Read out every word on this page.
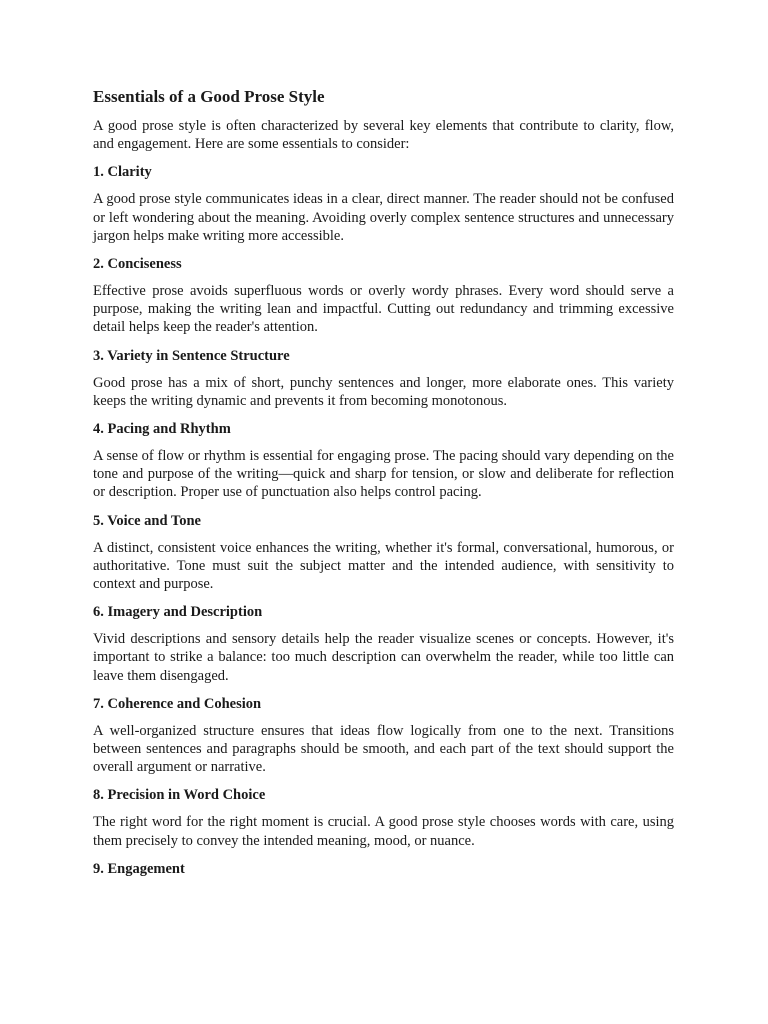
Essentials of a Good Prose Style

A good prose style is often characterized by several key elements that contribute to clarity, flow, and engagement. Here are some essentials to consider:

1. Clarity

A good prose style communicates ideas in a clear, direct manner. The reader should not be confused or left wondering about the meaning. Avoiding overly complex sentence structures and unnecessary jargon helps make writing more accessible.

2. Conciseness

Effective prose avoids superfluous words or overly wordy phrases. Every word should serve a purpose, making the writing lean and impactful. Cutting out redundancy and trimming excessive detail helps keep the reader's attention.

3. Variety in Sentence Structure

Good prose has a mix of short, punchy sentences and longer, more elaborate ones. This variety keeps the writing dynamic and prevents it from becoming monotonous.

4. Pacing and Rhythm

A sense of flow or rhythm is essential for engaging prose. The pacing should vary depending on the tone and purpose of the writing—quick and sharp for tension, or slow and deliberate for reflection or description. Proper use of punctuation also helps control pacing.

5. Voice and Tone

A distinct, consistent voice enhances the writing, whether it's formal, conversational, humorous, or authoritative. Tone must suit the subject matter and the intended audience, with sensitivity to context and purpose.

6. Imagery and Description

Vivid descriptions and sensory details help the reader visualize scenes or concepts. However, it's important to strike a balance: too much description can overwhelm the reader, while too little can leave them disengaged.

7. Coherence and Cohesion

A well-organized structure ensures that ideas flow logically from one to the next. Transitions between sentences and paragraphs should be smooth, and each part of the text should support the overall argument or narrative.

8. Precision in Word Choice

The right word for the right moment is crucial. A good prose style chooses words with care, using them precisely to convey the intended meaning, mood, or nuance.

9. Engagement
